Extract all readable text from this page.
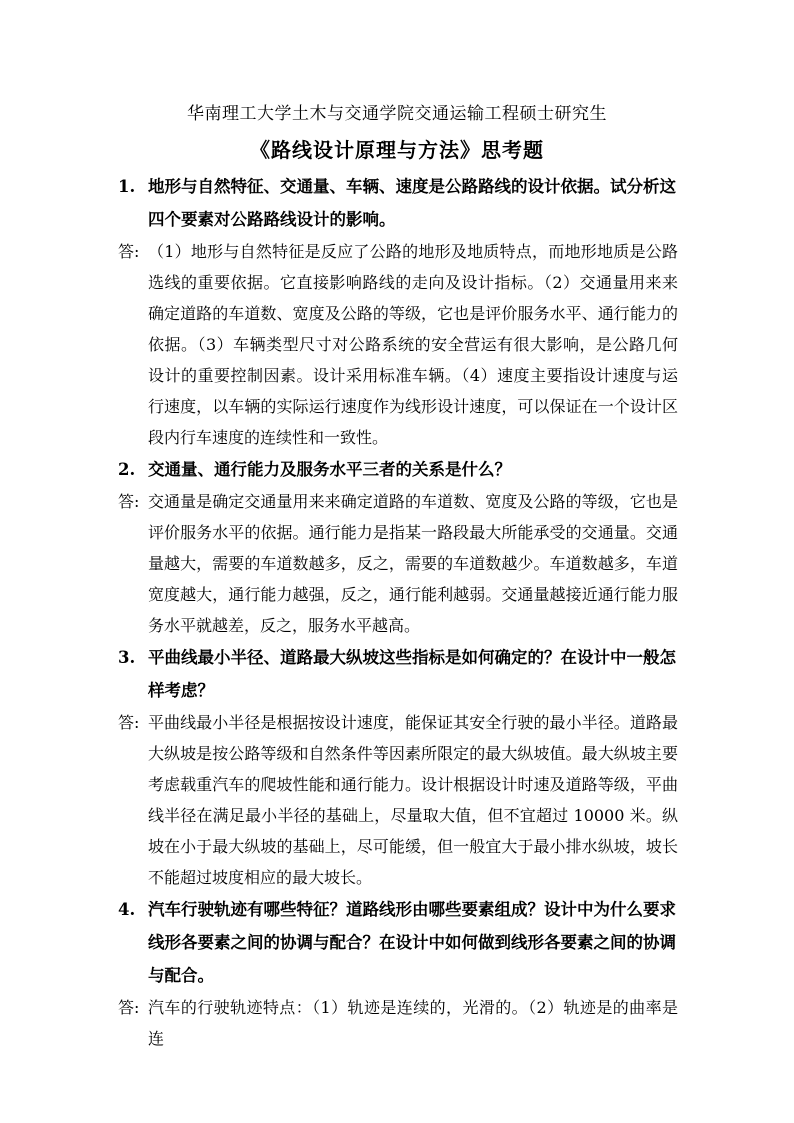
华南理工大学土木与交通学院交通运输工程硕士研究生
《路线设计原理与方法》思考题
1. 地形与自然特征、交通量、车辆、速度是公路路线的设计依据。试分析这四个要素对公路路线设计的影响。
答: （1）地形与自然特征是反应了公路的地形及地质特点，而地形地质是公路选线的重要依据。它直接影响路线的走向及设计指标。（2）交通量用来来确定道路的车道数、宽度及公路的等级，它也是评价服务水平、通行能力的依据。（3）车辆类型尺寸对公路系统的安全营运有很大影响，是公路几何设计的重要控制因素。设计采用标准车辆。（4）速度主要指设计速度与运行速度，以车辆的实际运行速度作为线形设计速度，可以保证在一个设计区段内行车速度的连续性和一致性。
2. 交通量、通行能力及服务水平三者的关系是什么？
答: 交通量是确定交通量用来来确定道路的车道数、宽度及公路的等级，它也是评价服务水平的依据。通行能力是指某一路段最大所能承受的交通量。交通量越大，需要的车道数越多，反之，需要的车道数越少。车道数越多，车道宽度越大，通行能力越强，反之，通行能利越弱。交通量越接近通行能力服务水平就越差，反之，服务水平越高。
3. 平曲线最小半径、道路最大纵坡这些指标是如何确定的？在设计中一般怎样考虑？
答: 平曲线最小半径是根据按设计速度，能保证其安全行驶的最小半径。道路最大纵坡是按公路等级和自然条件等因素所限定的最大纵坡值。最大纵坡主要考虑载重汽车的爬坡性能和通行能力。设计根据设计时速及道路等级，平曲线半径在满足最小半径的基础上，尽量取大值，但不宜超过 10000 米。纵坡在小于最大纵坡的基础上，尽可能缓，但一般宜大于最小排水纵坡，坡长不能超过坡度相应的最大坡长。
4. 汽车行驶轨迹有哪些特征？道路线形由哪些要素组成？设计中为什么要求线形各要素之间的协调与配合？在设计中如何做到线形各要素之间的协调与配合。
答: 汽车的行驶轨迹特点：（1）轨迹是连续的，光滑的。（2）轨迹是的曲率是连
